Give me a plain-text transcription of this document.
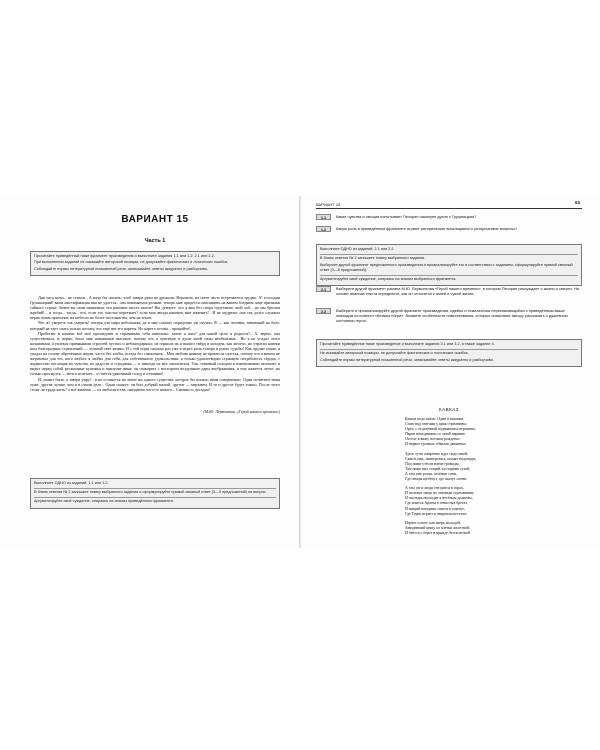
ВАРИАНТ 15
Часть 1

Прочитайте приведённый ниже фрагмент произведения и выполните задания 1.1 или 1.2; 2.1 или 2.2.

При выполнении заданий не искажайте авторской позиции, не допускайте фактических и логических ошибок.

Соблюдайте нормы литературной письменной речи, записывайте ответы аккуратно и разборчиво.

Дни часа ночи... не стихов... А надо бы сказать, чтоб завтра руки не дрожали. Вероятно, на свете часто встречаются трудно. А! господин Грушницкий! ваша мистификация вам не удастся... мы поменяемся ролями: теперь мне придется отыскивать на вашем бледном лице признаки тайного страха. Зачем вы сами назначили эти роковые шесть шагов? Вы думаете, что я вам без спора подставлю свой лоб... но мы бросим жребий!... и тогда... тогда... что, если его счастье перетянет? если моя звезда наконец мне изменит?.. И не мудрено: она так долго служила верно моим прихотям; на небесах не более постоянства, чем на земле.

Что ж? умереть так умереть! потеря для мира небольшая; да и мне самому порядочно уж скучно. Я — как человек, зевающий на бале, который не едет спать только потому, что ещё нет его кареты. Но карета готова... прощайте!..

Пробегаю в памяти всё моё прошедшее и спрашиваю себя невольно: зачем я жил? для какой цели я родился?.. А, верно, она существовала, и, верно, было мне назначение высокое, потому что я чувствую в душе моей силы необъятные... Но я не угадал этого назначения, я увлекся приманками страстей пустых и неблагодарных; из горнила их я вышел твёрд и холоден, как железо, но утратил навеки пыл благородных стремлений — лучший свет жизни. И с той поры сколько раз уже я играл роль топора в руках судьбы! Как орудие казни, я упадал на голову обречённых жертв, часто без злобы, всегда без сожаления... Моя любовь никому не принесла счастья, потому что я ничем не жертвовал для тех, кого любил: я любил для себя, для собственного удовольствия: я только удовлетворял странную потребность сердца, с жадностью поглощая их чувства, их радости и страданья — и никогда не мог насытиться. Так, томимый голодом в изнеможении засыпает и видит перед собой роскошные кушанья и шипучие вина; он пожирает с восторгом воздушные дары воображения, и ему кажется легче; но только проснулся — мечта исчезает... остаётся удвоенный голод и отчаяние!

И, может быть, я завтра умру!.. и не останется на земле ни одного существа, которое бы поняло меня совершенно. Одни почитают меня хуже, другие лучше, чем я в самом деле... Одни скажут: он был добрый малый, другие — мерзавец. И то и другое будет ложно. После этого стоит ли труда жить? а всё живёшь — из любопытства: ожидаешь чего-то нового... Смешно и досадно!

(М.Ю. Лермонтов. «Герой нашего времени»)

Выполните ОДНО из заданий: 1.1 или 1.2.

В бланк ответов № 2 запишите номер выбранного задания и сформулируйте прямой связный ответ (3—5 предложений) на вопрос.

Аргументируйте своё суждение, опираясь на анализ приведённого фрагмента.

ВАРИАНТ 15	61
1.1	Какие чувства и эмоции испытывает Печорин накануне дуэли с Грушницким?
1.2	Какую роль в приведённом фрагменте играют риторические восклицания и риторические вопросы?

Выполните ОДНО из заданий: 2.1 или 2.2.

В бланк ответов № 2 запишите номер выбранного задания.

Выберите другой фрагмент предложенного произведения и проанализируйте его в соответствии с заданием, сформулируйте прямой связный ответ (3—5 предложений).

Аргументируйте своё суждение, опираясь на анализ выбранного фрагмента.

2.1	Выберите другой фрагмент романа М.Ю. Лермонтова «Герой нашего времени», в котором Печорин рассуждает о жизни и смерти. На основе анализа текста определите, как он относится к своей и чужой жизни.
2.2	Выберите и проанализируйте другой фрагмент произведения, идейно и тематически перекликающийся с приведённым выше эпизодом из повести «Княжна Мери». Выявите особенности повествования, которые позволяют автору рассказать о душевном состоянии героя.

Прочитайте приведённое ниже произведение и выполните задания 3.1 или 3.2, а также задание 4.

Не искажайте авторской позиции, не допускайте фактических и логических ошибок.

Соблюдайте нормы литературной письменной речи, записывайте ответы аккуратно и разборчиво.

КАВКАЗ
Кавказ подо мною. Один в вышине
Стою над снегами у края стремнины;
Орёл, с отдалённой поднявшись вершины,
Парит неподвижно со мной наравне.
Отселе я вижу потоков рожденье
И первое грозных обвалов движенье.
Здесь тучи смиренно идут подо мной;
Сквозь них, низвергаясь, шумят водопады;
Под ними утёсов нагие громады;
Там ниже мох тощий, кустарник сухой;
А там уже рощи, зелёные сени,
Где птицы щебечут, где скачут олени.
А там уж и люди гнездятся в горах,
И ползают овцы по злачным стремнинам,
И пастырь нисходит к весёлым долинам,
Где мчится Арагва в тенистых брегах,
И нищий наездник таится в ущелье,
Где Терек играет в свирепом веселье;
Играет и воет, как зверь молодой,
Завидевший пищу из клетки железной;
И бьётся о берег в вражде бесполезной
